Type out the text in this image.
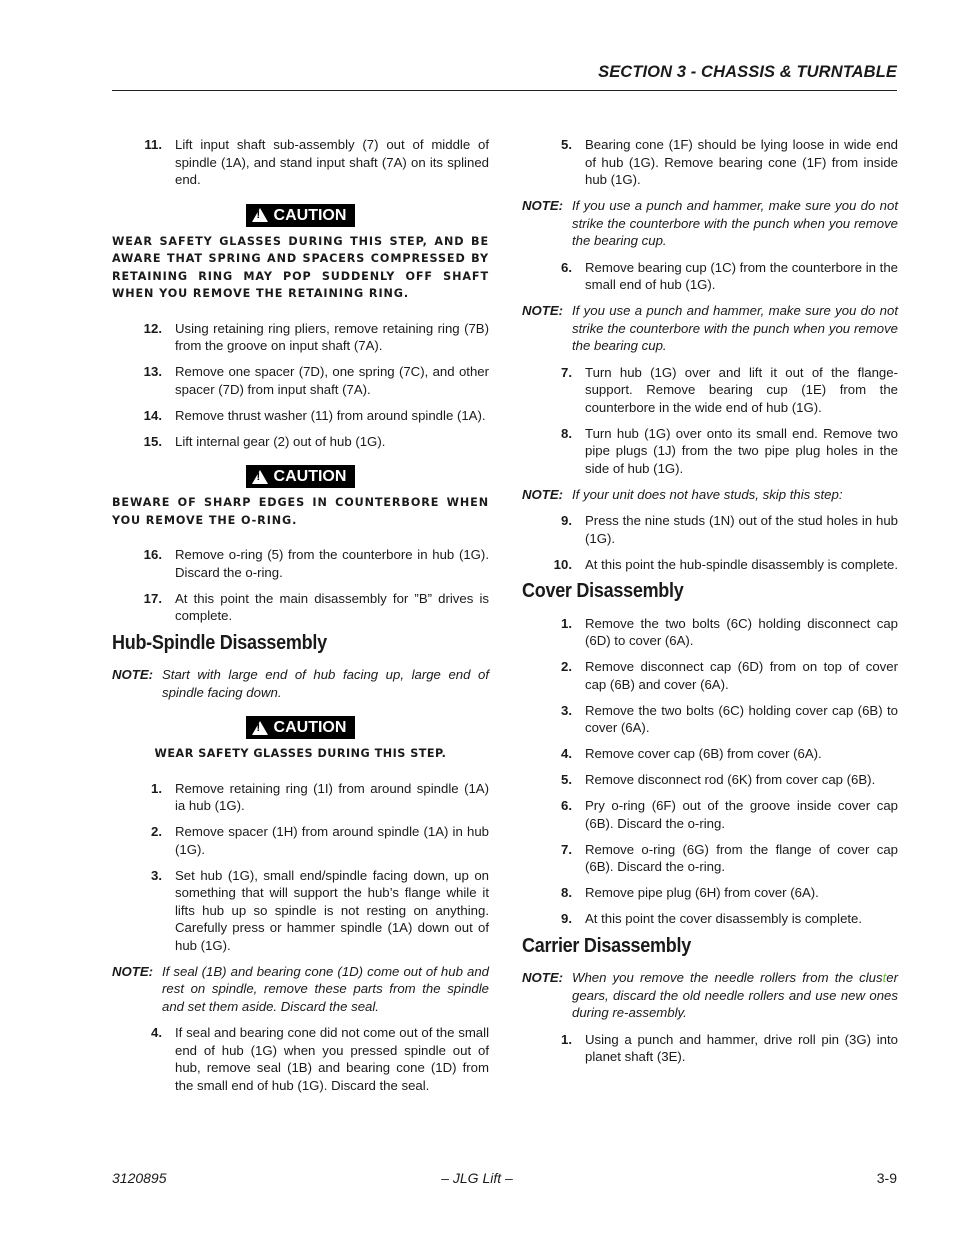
SECTION 3 - CHASSIS & TURNTABLE
11. Lift input shaft sub-assembly (7) out of middle of spindle (1A), and stand input shaft (7A) on its splined end.
!
CAUTION
WEAR SAFETY GLASSES DURING THIS STEP, AND BE AWARE THAT SPRING AND SPACERS COMPRESSED BY RETAINING RING MAY POP SUDDENLY OFF SHAFT WHEN YOU REMOVE THE RETAINING RING.
12. Using retaining ring pliers, remove retaining ring (7B) from the groove on input shaft (7A).
13. Remove one spacer (7D), one spring (7C), and other spacer (7D) from input shaft (7A).
14. Remove thrust washer (11) from around spindle (1A).
15. Lift internal gear (2) out of hub (1G).
!
CAUTION
BEWARE OF SHARP EDGES IN COUNTERBORE WHEN YOU REMOVE THE O-RING.
16. Remove o-ring (5) from the counterbore in hub (1G). Discard the o-ring.
17. At this point the main disassembly for ”B” drives is complete.
Hub-Spindle Disassembly
NOTE: Start with large end of hub facing up, large end of spindle facing down.
!
CAUTION
WEAR SAFETY GLASSES DURING THIS STEP.
1. Remove retaining ring (1I) from around spindle (1A) ia hub (1G).
2. Remove spacer (1H) from around spindle (1A) in hub (1G).
3. Set hub (1G), small end/spindle facing down, up on something that will support the hub’s flange while it lifts hub up so spindle is not resting on anything. Carefully press or hammer spindle (1A) down out of hub (1G).
NOTE: If seal (1B) and bearing cone (1D) come out of hub and rest on spindle, remove these parts from the spindle and set them aside. Discard the seal.
4. If seal and bearing cone did not come out of the small end of hub (1G) when you pressed spindle out of hub, remove seal (1B) and bearing cone (1D) from the small end of hub (1G). Discard the seal.
5. Bearing cone (1F) should be lying loose in wide end of hub (1G). Remove bearing cone (1F) from inside hub (1G).
NOTE: If you use a punch and hammer, make sure you do not strike the counterbore with the punch when you remove the bearing cup.
6. Remove bearing cup (1C) from the counterbore in the small end of hub (1G).
NOTE: If you use a punch and hammer, make sure you do not strike the counterbore with the punch when you remove the bearing cup.
7. Turn hub (1G) over and lift it out of the flange-support. Remove bearing cup (1E) from the counterbore in the wide end of hub (1G).
8. Turn hub (1G) over onto its small end. Remove two pipe plugs (1J) from the two pipe plug holes in the side of hub (1G).
NOTE: If your unit does not have studs, skip this step:
9. Press the nine studs (1N) out of the stud holes in hub (1G).
10. At this point the hub-spindle disassembly is complete.
Cover Disassembly
1. Remove the two bolts (6C) holding disconnect cap (6D) to cover (6A).
2. Remove disconnect cap (6D) from on top of cover cap (6B) and cover (6A).
3. Remove the two bolts (6C) holding cover cap (6B) to cover (6A).
4. Remove cover cap (6B) from cover (6A).
5. Remove disconnect rod (6K) from cover cap (6B).
6. Pry o-ring (6F) out of the groove inside cover cap (6B). Discard the o-ring.
7. Remove o-ring (6G) from the flange of cover cap (6B). Discard the o-ring.
8. Remove pipe plug (6H) from cover (6A).
9. At this point the cover disassembly is complete.
Carrier Disassembly
NOTE: When you remove the needle rollers from the cluster gears, discard the old needle rollers and use new ones during re-assembly.
1. Using a punch and hammer, drive roll pin (3G) into planet shaft (3E).
3120895	– JLG Lift –	3-9
